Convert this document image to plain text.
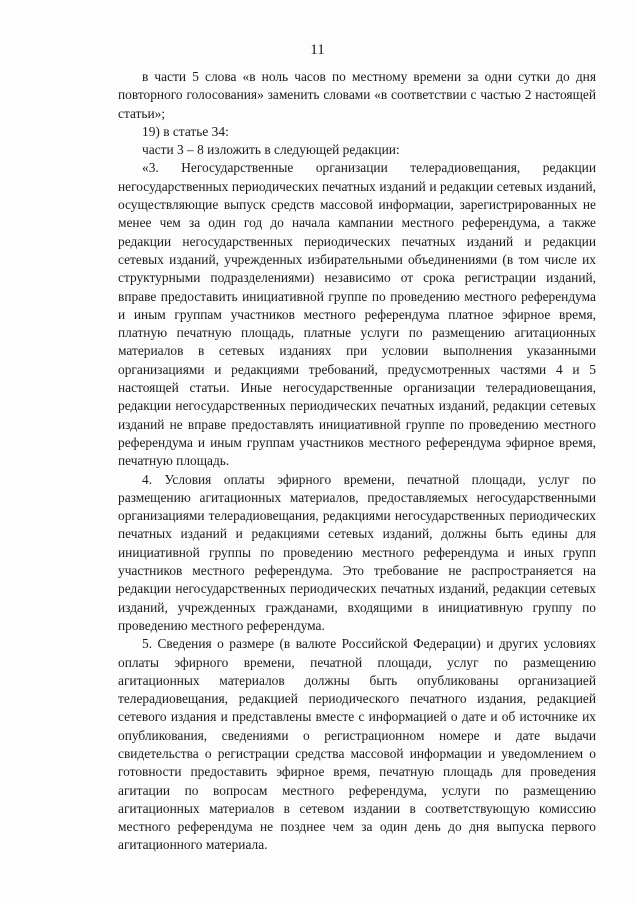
11

в части 5 слова «в ноль часов по местному времени за одни сутки до дня повторного голосования» заменить словами «в соответствии с частью 2 настоящей статьи»;

19) в статье 34:

части 3 – 8 изложить в следующей редакции:

«3. Негосударственные организации телерадиовещания, редакции негосударственных периодических печатных изданий и редакции сетевых изданий, осуществляющие выпуск средств массовой информации, зарегистрированных не менее чем за один год до начала кампании местного референдума, а также редакции негосударственных периодических печатных изданий и редакции сетевых изданий, учрежденных избирательными объединениями (в том числе их структурными подразделениями) независимо от срока регистрации изданий, вправе предоставить инициативной группе по проведению местного референдума и иным группам участников местного референдума платное эфирное время, платную печатную площадь, платные услуги по размещению агитационных материалов в сетевых изданиях при условии выполнения указанными организациями и редакциями требований, предусмотренных частями 4 и 5 настоящей статьи. Иные негосударственные организации телерадиовещания, редакции негосударственных периодических печатных изданий, редакции сетевых изданий не вправе предоставлять инициативной группе по проведению местного референдума и иным группам участников местного референдума эфирное время, печатную площадь.

4. Условия оплаты эфирного времени, печатной площади, услуг по размещению агитационных материалов, предоставляемых негосударственными организациями телерадиовещания, редакциями негосударственных периодических печатных изданий и редакциями сетевых изданий, должны быть едины для инициативной группы по проведению местного референдума и иных групп участников местного референдума. Это требование не распространяется на редакции негосударственных периодических печатных изданий, редакции сетевых изданий, учрежденных гражданами, входящими в инициативную группу по проведению местного референдума.

5. Сведения о размере (в валюте Российской Федерации) и других условиях оплаты эфирного времени, печатной площади, услуг по размещению агитационных материалов должны быть опубликованы организацией телерадиовещания, редакцией периодического печатного издания, редакцией сетевого издания и представлены вместе с информацией о дате и об источнике их опубликования, сведениями о регистрационном номере и дате выдачи свидетельства о регистрации средства массовой информации и уведомлением о готовности предоставить эфирное время, печатную площадь для проведения агитации по вопросам местного референдума, услуги по размещению агитационных материалов в сетевом издании в соответствующую комиссию местного референдума не позднее чем за один день до дня выпуска первого агитационного материала.
